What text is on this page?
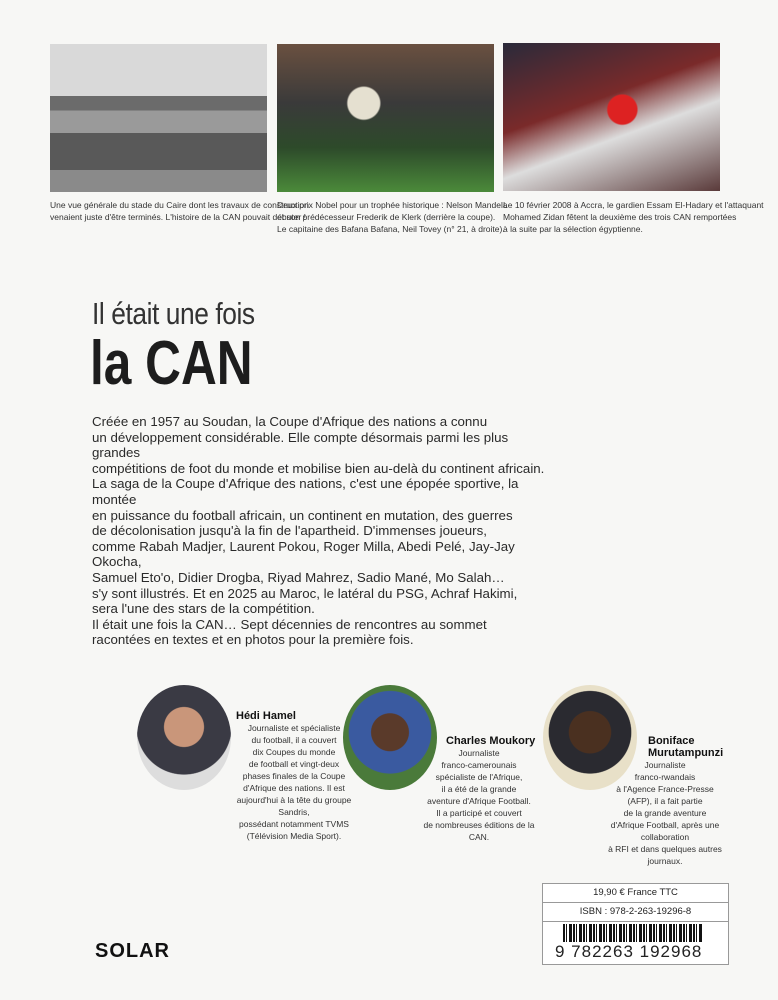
Une vue générale du stade du Caire dont les travaux de construction
venaient juste d'être terminés. L'histoire de la CAN pouvait débuter !
Deux prix Nobel pour un trophée historique : Nelson Mandela
et son prédécesseur Frederik de Klerk (derrière la coupe).
Le capitaine des Bafana Bafana, Neil Tovey (n° 21, à droite).
Le 10 février 2008 à Accra, le gardien Essam El-Hadary et l'attaquant
Mohamed Zidan fêtent la deuxième des trois CAN remportées
à la suite par la sélection égyptienne.
Il était une fois
la CAN
Créée en 1957 au Soudan, la Coupe d'Afrique des nations a connu
un développement considérable. Elle compte désormais parmi les plus grandes
compétitions de foot du monde et mobilise bien au-delà du continent africain.
La saga de la Coupe d'Afrique des nations, c'est une épopée sportive, la montée
en puissance du football africain, un continent en mutation, des guerres
de décolonisation jusqu'à la fin de l'apartheid. D'immenses joueurs,
comme Rabah Madjer, Laurent Pokou, Roger Milla, Abedi Pelé, Jay-Jay Okocha,
Samuel Eto'o, Didier Drogba, Riyad Mahrez, Sadio Mané, Mo Salah…
s'y sont illustrés. Et en 2025 au Maroc, le latéral du PSG, Achraf Hakimi,
sera l'une des stars de la compétition.
Il était une fois la CAN… Sept décennies de rencontres au sommet
racontées en textes et en photos pour la première fois.

Hédi Hamel
Journaliste et spécialiste
du football, il a couvert
dix Coupes du monde
de football et vingt-deux
phases finales de la Coupe
d'Afrique des nations. Il est
aujourd'hui à la tête du groupe Sandris,
possédant notamment TVMS
(Télévision Media Sport).

Charles Moukory
Journaliste
franco-camerounais
spécialiste de l'Afrique,
il a été de la grande
aventure d'Afrique Football.
Il a participé et couvert
de nombreuses éditions de la CAN.

Boniface
Murutampunzi
Journaliste
franco-rwandais
à l'Agence France-Presse
(AFP), il a fait partie
de la grande aventure
d'Afrique Football, après une collaboration
à RFI et dans quelques autres journaux.
SOLAR
19,90 € France TTC
ISBN : 978-2-263-19296-8
9 782263 192968
